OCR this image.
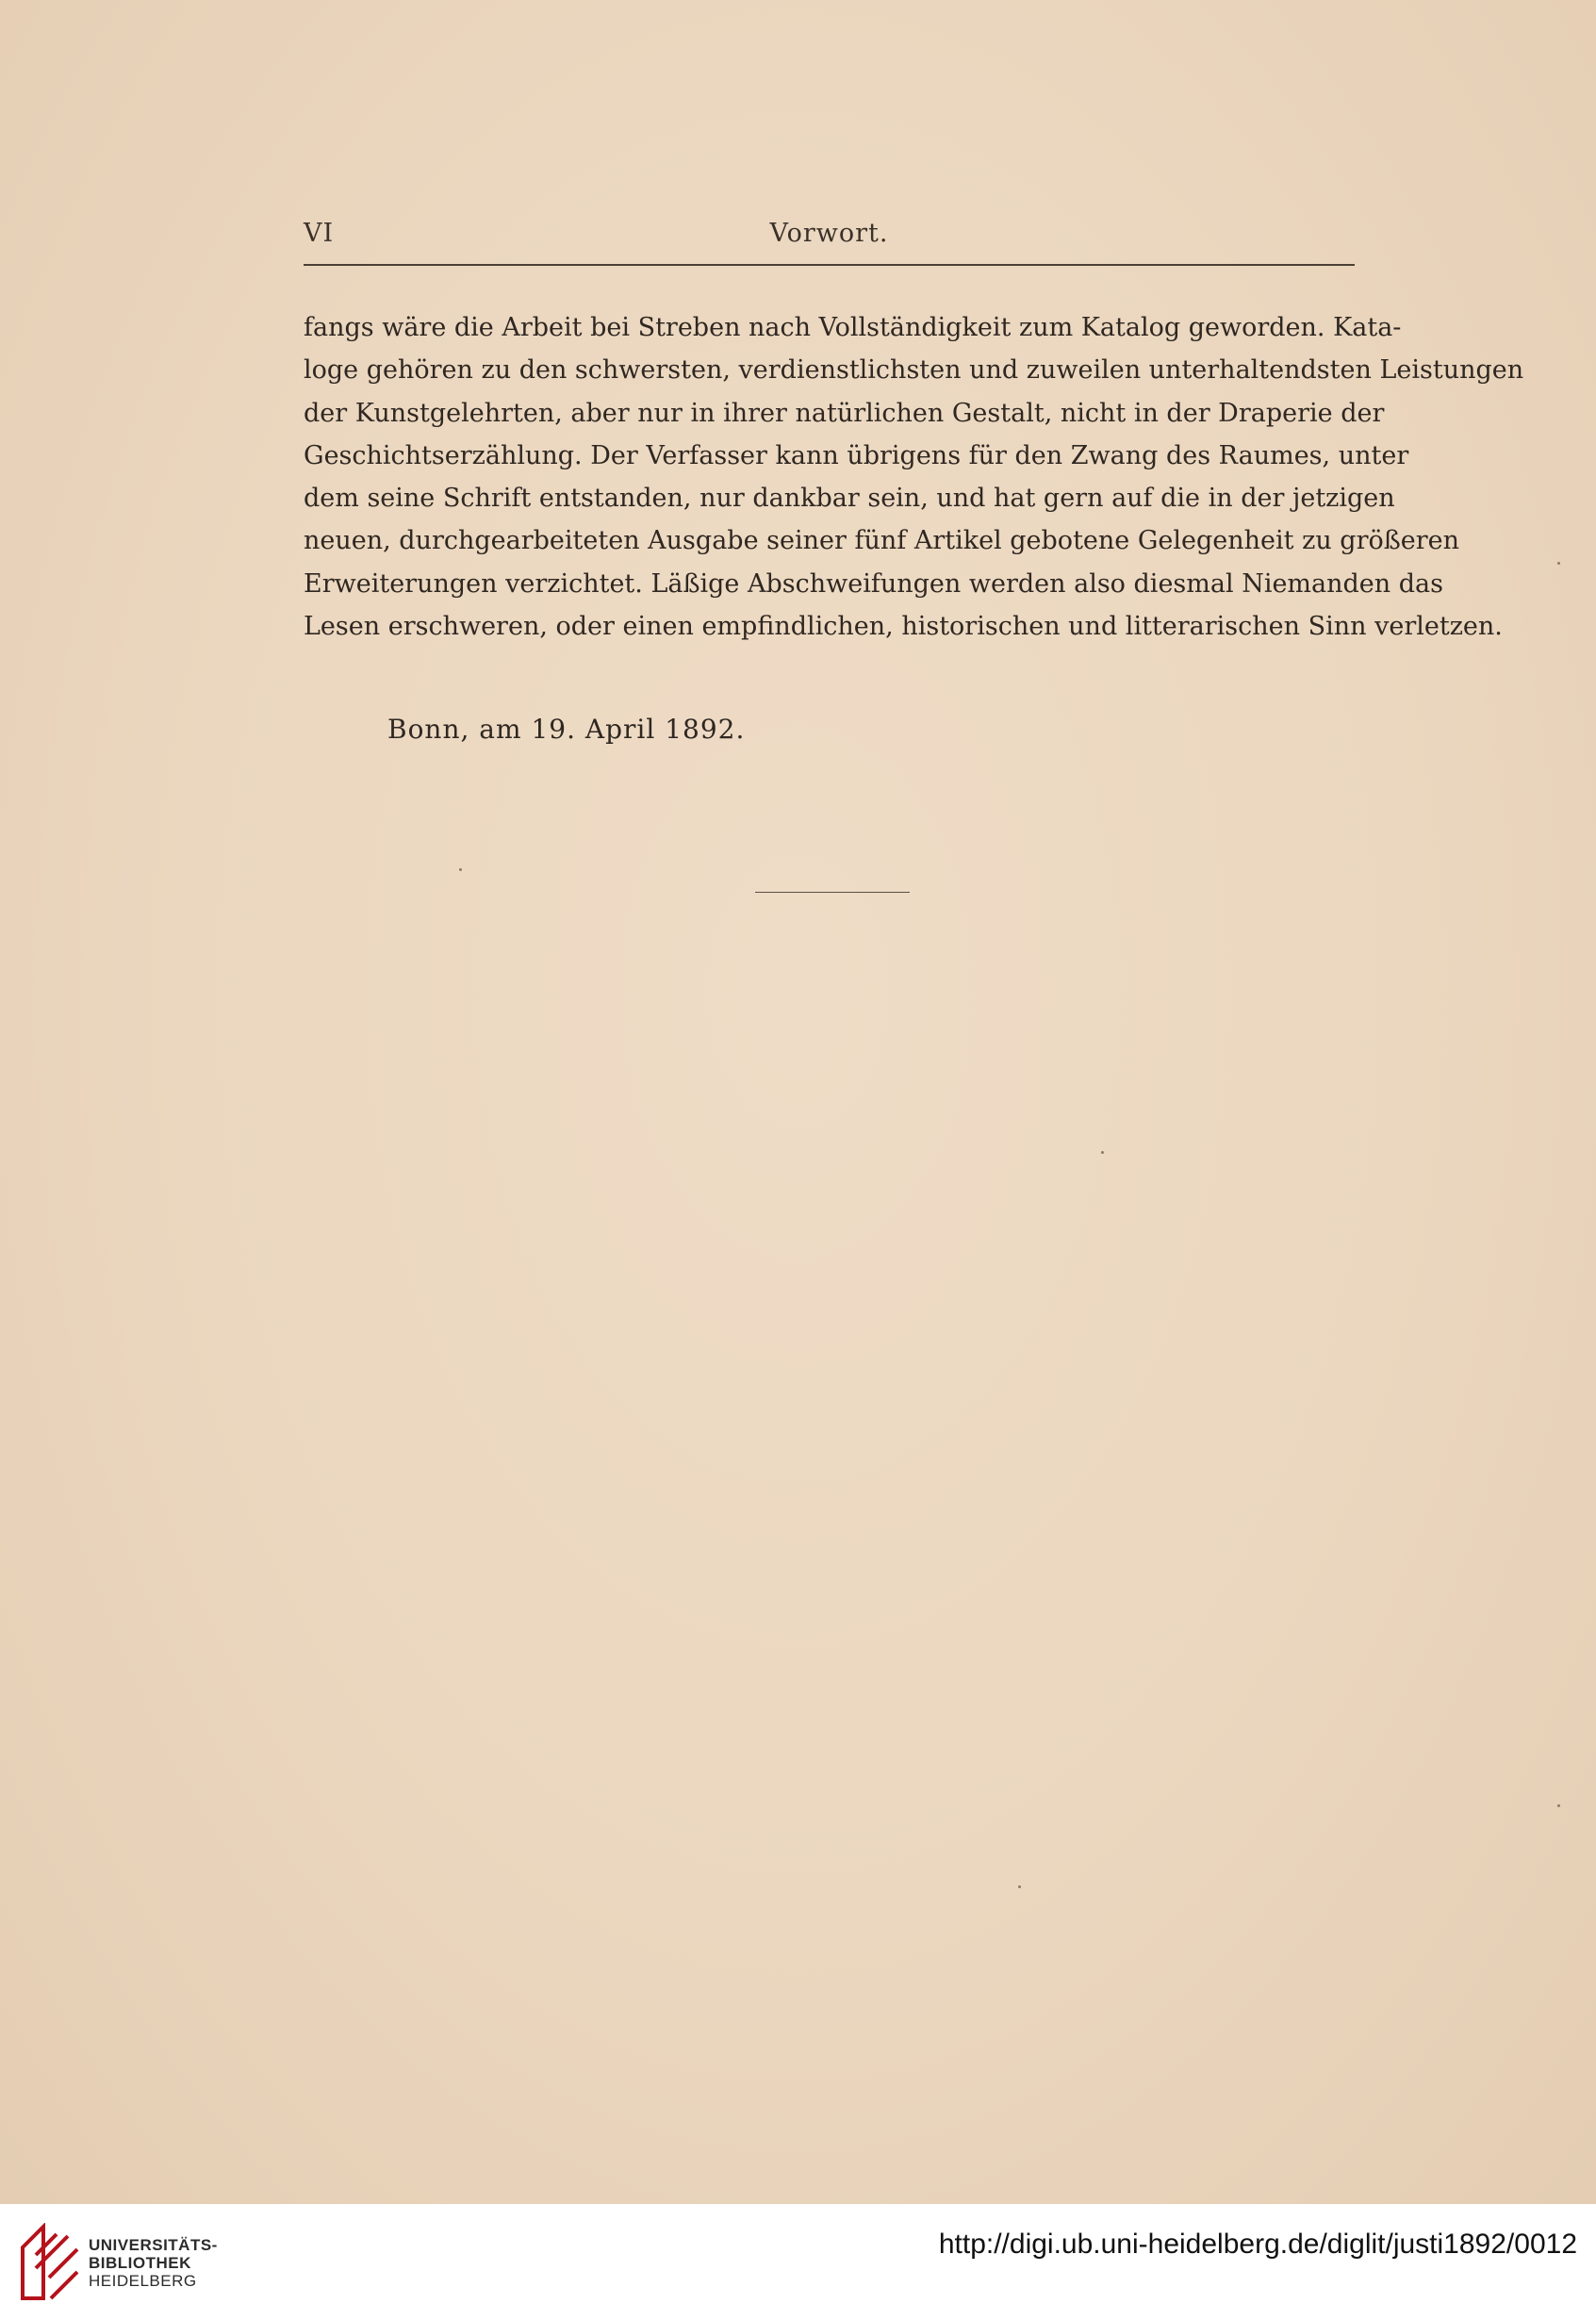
VI	Vorwort.
fangs wäre die Arbeit bei Streben nach Vollständigkeit zum Katalog geworden. Kata-
loge gehören zu den schwersten, verdienstlichsten und zuweilen unterhaltendsten Leistungen
der Kunstgelehrten, aber nur in ihrer natürlichen Gestalt, nicht in der Draperie der
Geschichtserzählung. Der Verfasser kann übrigens für den Zwang des Raumes, unter
dem seine Schrift entstanden, nur dankbar sein, und hat gern auf die in der jetzigen
neuen, durchgearbeiteten Ausgabe seiner fünf Artikel gebotene Gelegenheit zu größeren
Erweiterungen verzichtet. Läßige Abschweifungen werden also diesmal Niemanden das
Lesen erschweren, oder einen empfindlichen, historischen und litterarischen Sinn verletzen.
Bonn, am 19. April 1892.
UNIVERSITÄTS-
BIBLIOTHEK
HEIDELBERG
http://digi.ub.uni-heidelberg.de/diglit/justi1892/0012
